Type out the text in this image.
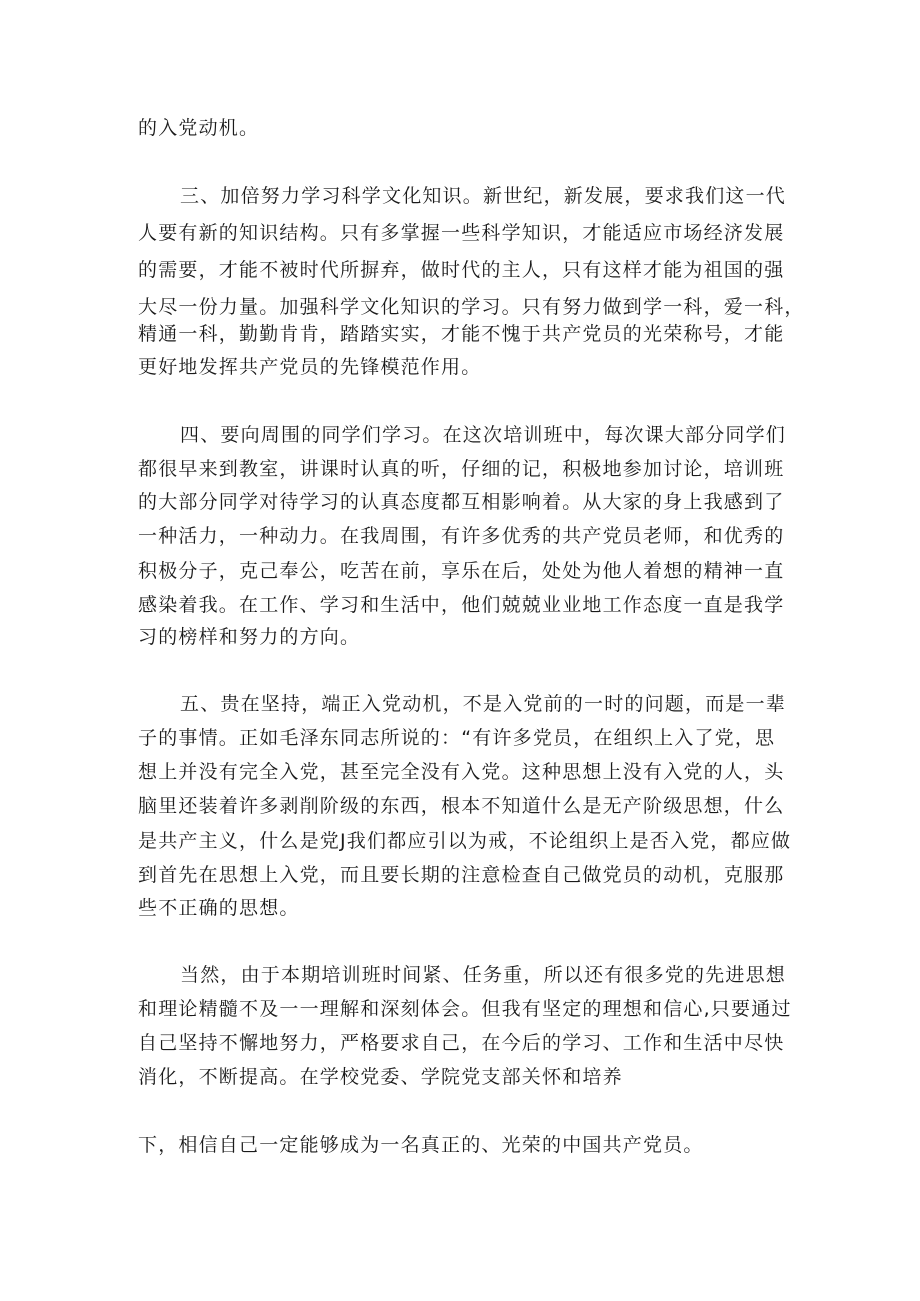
的入党动机。
三、加倍努力学习科学文化知识。新世纪，新发展，要求我们这一代
人要有新的知识结构。只有多掌握一些科学知识，才能适应市场经济发展
的需要，才能不被时代所摒弃，做时代的主人，只有这样才能为祖国的强
大尽一份力量。加强科学文化知识的学习。只有努力做到学一科，爱一科，
精通一科，勤勤肯肯，踏踏实实，才能不愧于共产党员的光荣称号，才能
更好地发挥共产党员的先锋模范作用。
四、要向周围的同学们学习。在这次培训班中，每次课大部分同学们
都很早来到教室，讲课时认真的听，仔细的记，积极地参加讨论，培训班
的大部分同学对待学习的认真态度都互相影响着。从大家的身上我感到了
一种活力，一种动力。在我周围，有许多优秀的共产党员老师，和优秀的
积极分子，克己奉公，吃苦在前，享乐在后，处处为他人着想的精神一直
感染着我。在工作、学习和生活中，他们兢兢业业地工作态度一直是我学
习的榜样和努力的方向。
五、贵在坚持，端正入党动机，不是入党前的一时的问题，而是一辈
子的事情。正如毛泽东同志所说的：“有许多党员，在组织上入了党，思
想上并没有完全入党，甚至完全没有入党。这种思想上没有入党的人，头
脑里还装着许多剥削阶级的东西，根本不知道什么是无产阶级思想，什么
是共产主义，什么是党J我们都应引以为戒，不论组织上是否入党，都应做
到首先在思想上入党，而且要长期的注意检查自己做党员的动机，克服那
些不正确的思想。
当然，由于本期培训班时间紧、任务重，所以还有很多党的先进思想
和理论精髓不及一一理解和深刻体会。但我有坚定的理想和信心,只要通过
自己坚持不懈地努力，严格要求自己，在今后的学习、工作和生活中尽快
消化，不断提高。在学校党委、学院党支部关怀和培养
下，相信自己一定能够成为一名真正的、光荣的中国共产党员。
